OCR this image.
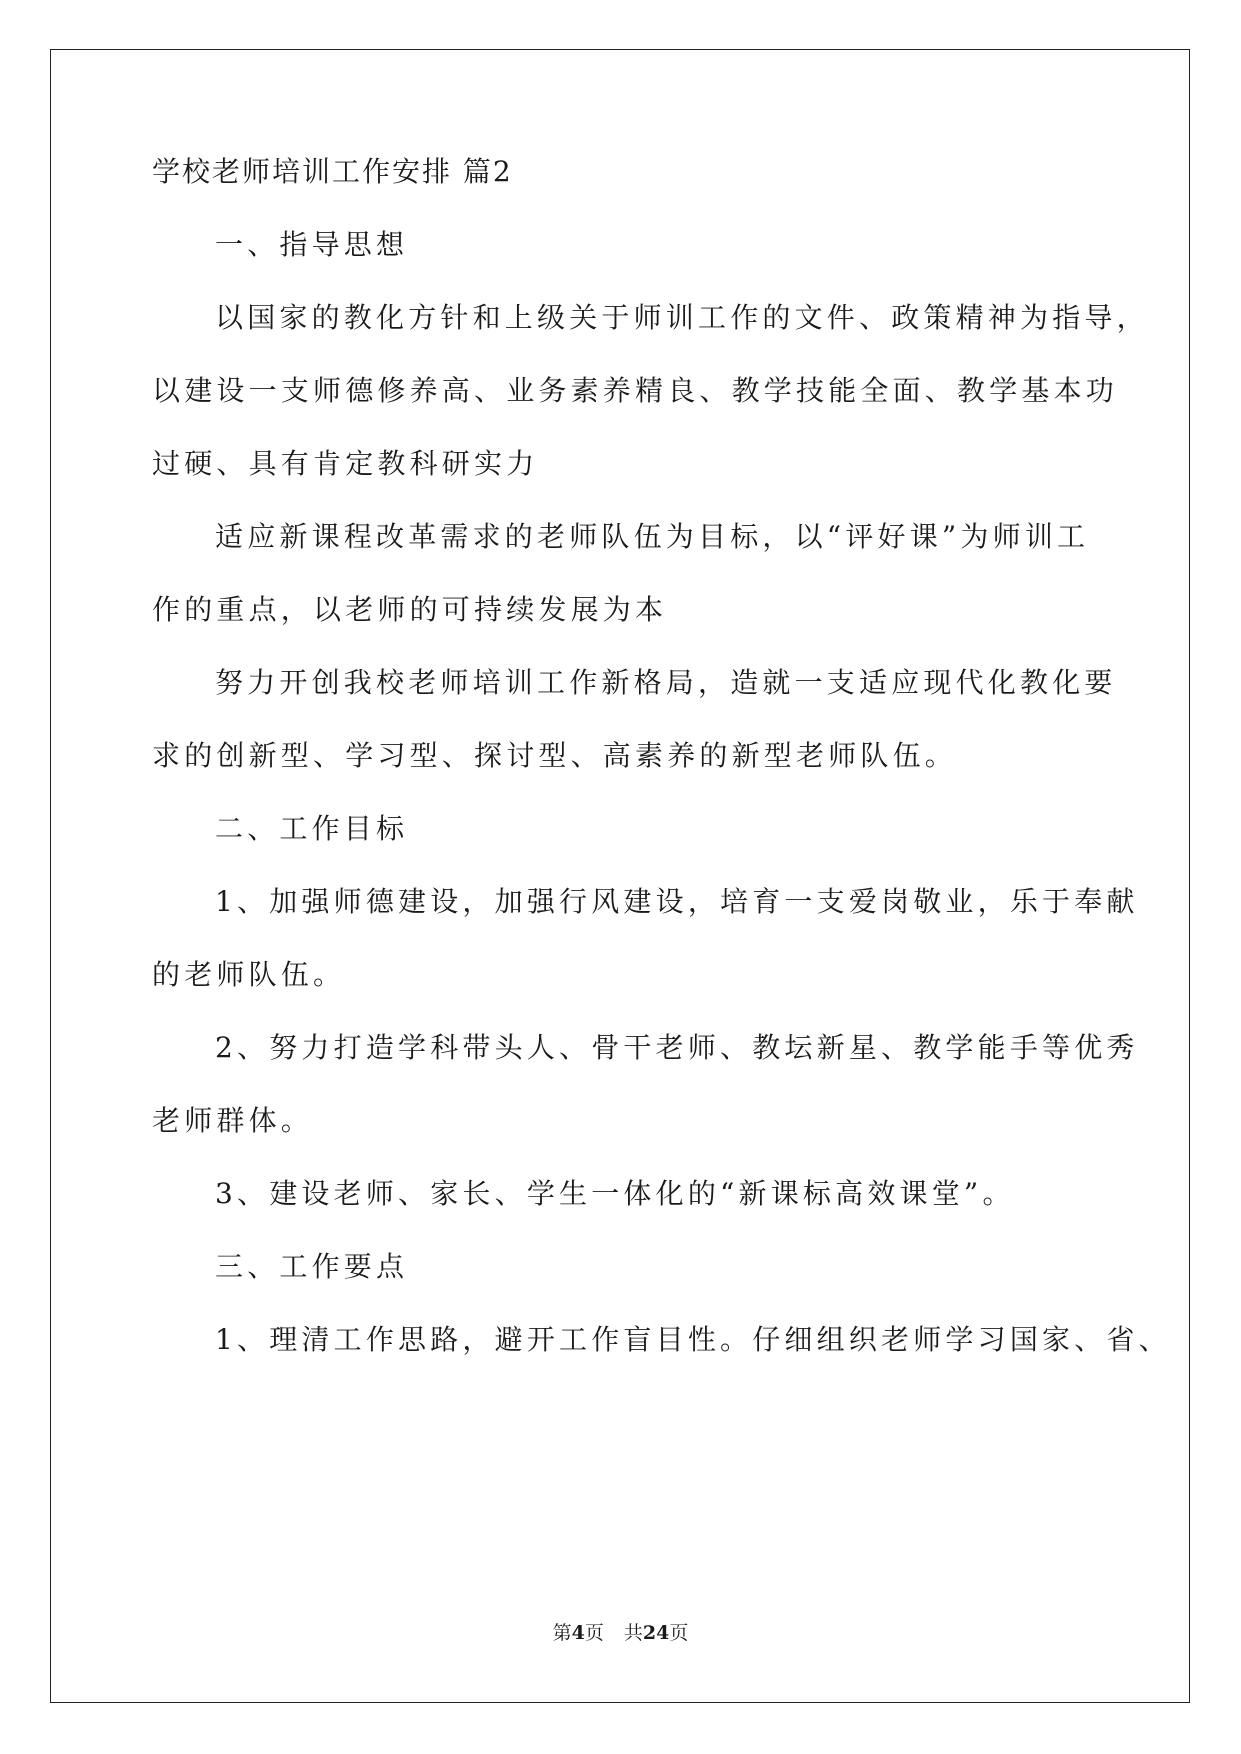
学校老师培训工作安排 篇2
一、指导思想
以国家的教化方针和上级关于师训工作的文件、政策精神为指导，
以建设一支师德修养高、业务素养精良、教学技能全面、教学基本功
过硬、具有肯定教科研实力
适应新课程改革需求的老师队伍为目标，以“评好课”为师训工
作的重点，以老师的可持续发展为本
努力开创我校老师培训工作新格局，造就一支适应现代化教化要
求的创新型、学习型、探讨型、高素养的新型老师队伍。
二、工作目标
1、加强师德建设，加强行风建设，培育一支爱岗敬业，乐于奉献
的老师队伍。
2、努力打造学科带头人、骨干老师、教坛新星、教学能手等优秀
老师群体。
3、建设老师、家长、学生一体化的“新课标高效课堂”。
三、工作要点
1、理清工作思路，避开工作盲目性。仔细组织老师学习国家、省、
第4页 共24页
